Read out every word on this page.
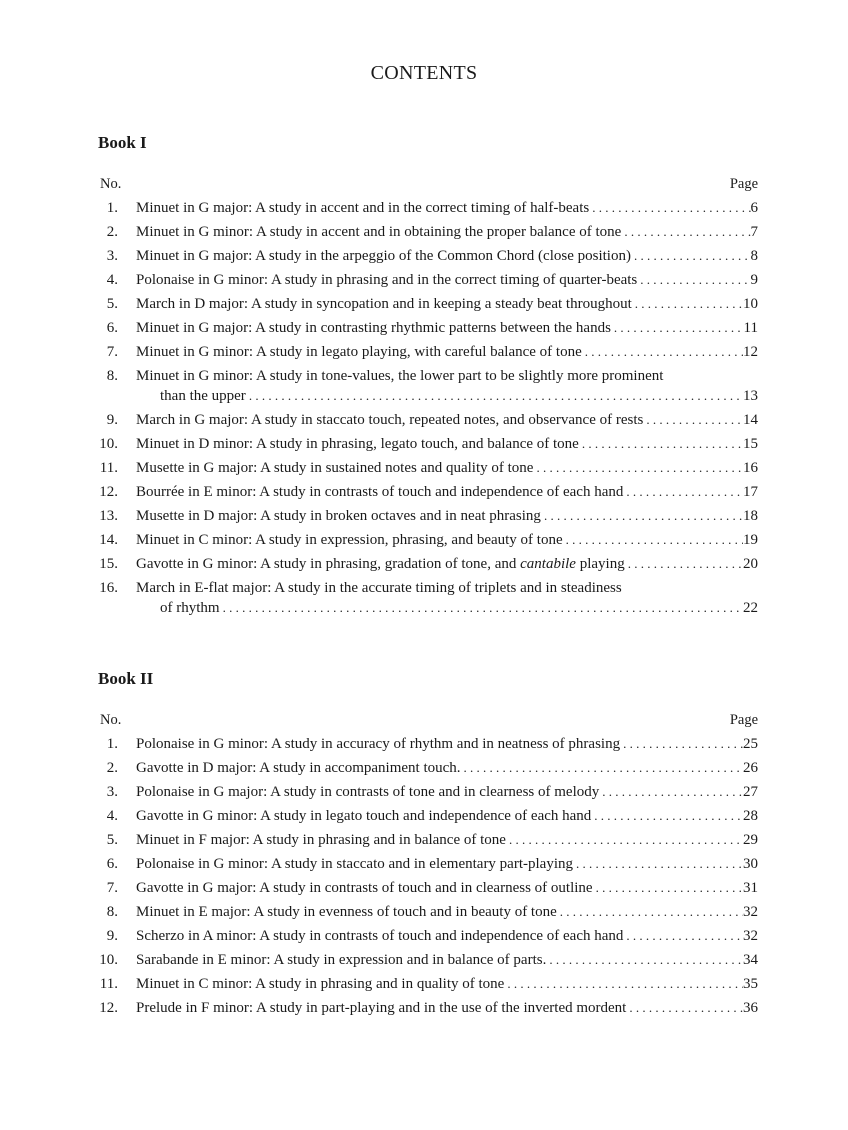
CONTENTS
Book I
No.	Page
1. Minuet in G major: A study in accent and in the correct timing of half-beats . . .	6
2. Minuet in G minor: A study in accent and in obtaining the proper balance of tone . . .	7
3. Minuet in G major: A study in the arpeggio of the Common Chord (close position) . . .	8
4. Polonaise in G minor: A study in phrasing and in the correct timing of quarter-beats . . .	9
5. March in D major: A study in syncopation and in keeping a steady beat throughout . . .	10
6. Minuet in G major: A study in contrasting rhythmic patterns between the hands . . .	11
7. Minuet in G minor: A study in legato playing, with careful balance of tone . . .	12
8. Minuet in G minor: A study in tone-values, the lower part to be slightly more prominent
than the upper . . .	13
9. March in G major: A study in staccato touch, repeated notes, and observance of rests . . .	14
10. Minuet in D minor: A study in phrasing, legato touch, and balance of tone . . .	15
11. Musette in G major: A study in sustained notes and quality of tone . . .	16
12. Bourrée in E minor: A study in contrasts of touch and independence of each hand . . .	17
13. Musette in D major: A study in broken octaves and in neat phrasing . . .	18
14. Minuet in C minor: A study in expression, phrasing, and beauty of tone . . .	19
15. Gavotte in G minor: A study in phrasing, gradation of tone, and cantabile playing . . .	20
16. March in E-flat major: A study in the accurate timing of triplets and in steadiness
of rhythm . . .	22
Book II
No.	Page
1. Polonaise in G minor: A study in accuracy of rhythm and in neatness of phrasing . . .	25
2. Gavotte in D major: A study in accompaniment touch. . . .	26
3. Polonaise in G major: A study in contrasts of tone and in clearness of melody . . .	27
4. Gavotte in G minor: A study in legato touch and independence of each hand . . .	28
5. Minuet in F major: A study in phrasing and in balance of tone . . .	29
6. Polonaise in G minor: A study in staccato and in elementary part-playing . . .	30
7. Gavotte in G major: A study in contrasts of touch and in clearness of outline . . .	31
8. Minuet in E major: A study in evenness of touch and in beauty of tone . . .	32
9. Scherzo in A minor: A study in contrasts of touch and independence of each hand . . .	32
10. Sarabande in E minor: A study in expression and in balance of parts. . . .	34
11. Minuet in C minor: A study in phrasing and in quality of tone . . .	35
12. Prelude in F minor: A study in part-playing and in the use of the inverted mordent . . .	36
